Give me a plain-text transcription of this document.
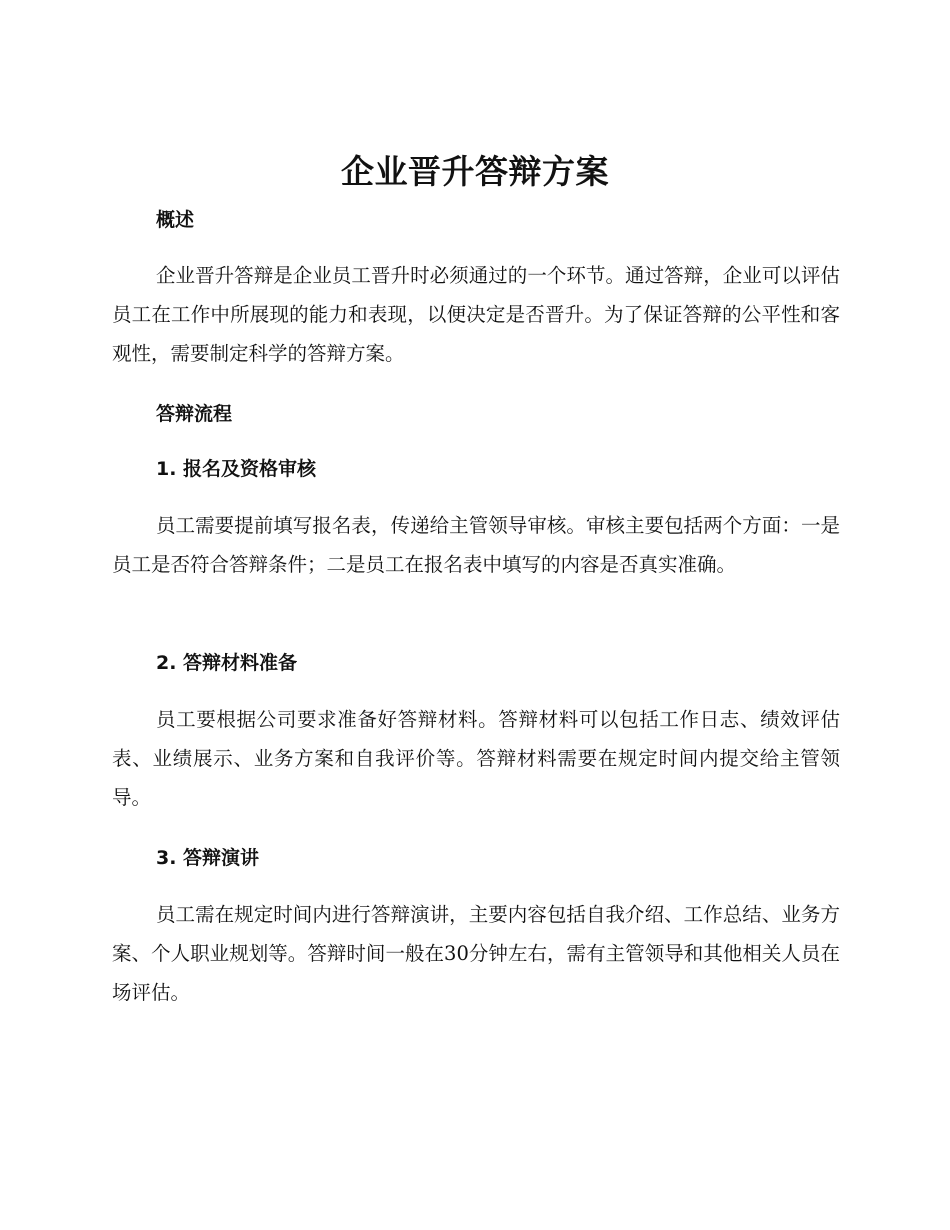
企业晋升答辩方案
概述

企业晋升答辩是企业员工晋升时必须通过的一个环节。通过答辩，企业可以评估员工在工作中所展现的能力和表现，以便决定是否晋升。为了保证答辩的公平性和客观性，需要制定科学的答辩方案。

答辩流程
1. 报名及资格审核

员工需要提前填写报名表，传递给主管领导审核。审核主要包括两个方面：一是员工是否符合答辩条件；二是员工在报名表中填写的内容是否真实准确。

2. 答辩材料准备

员工要根据公司要求准备好答辩材料。答辩材料可以包括工作日志、绩效评估表、业绩展示、业务方案和自我评价等。答辩材料需要在规定时间内提交给主管领导。

3. 答辩演讲

员工需在规定时间内进行答辩演讲，主要内容包括自我介绍、工作总结、业务方案、个人职业规划等。答辩时间一般在30分钟左右，需有主管领导和其他相关人员在场评估。
